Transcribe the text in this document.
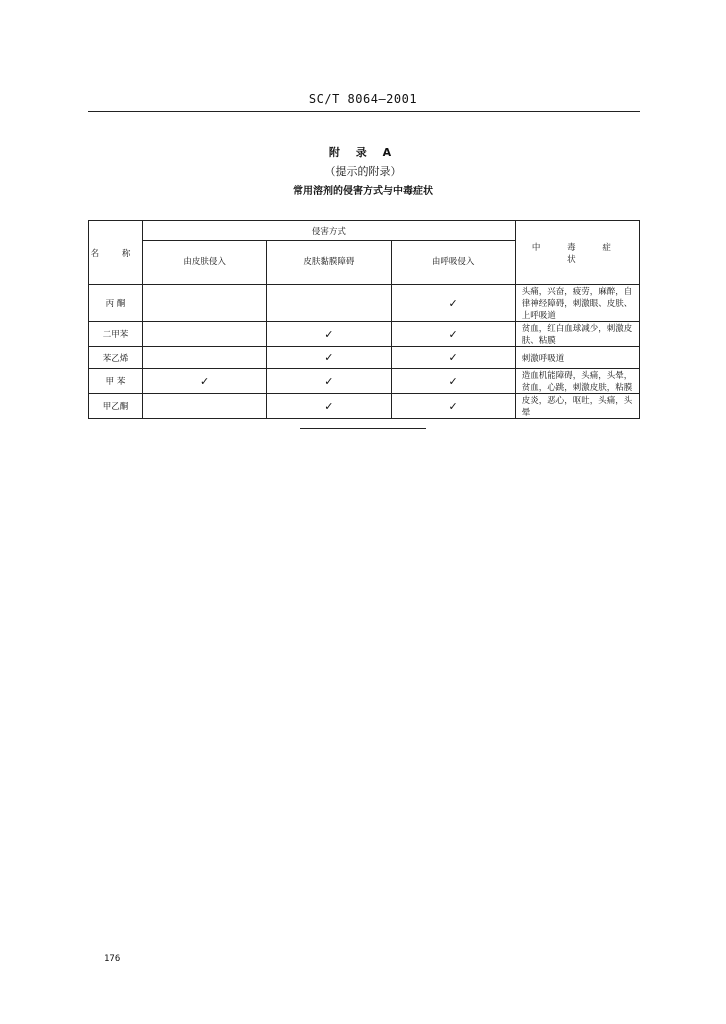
SC/T 8064—2001
附 录 A
（提示的附录）
常用溶剂的侵害方式与中毒症状
名 称	侵害方式			中 毒 症 状
	由皮肤侵入	皮肤黏膜障碍	由呼吸侵入	
丙 酮			✓	头痛，兴奋，疲劳，麻醉，自律神经障碍，刺激眼、皮肤、上呼吸道
二甲苯		✓	✓	贫血，红白血球减少，刺激皮肤、粘膜
苯乙烯		✓	✓	刺激呼吸道
甲 苯	✓	✓	✓	造血机能障碍，头痛，头晕，贫血，心跳，刺激皮肤，粘膜
甲乙酮		✓	✓	皮炎，恶心，呕吐，头痛，头晕
176
